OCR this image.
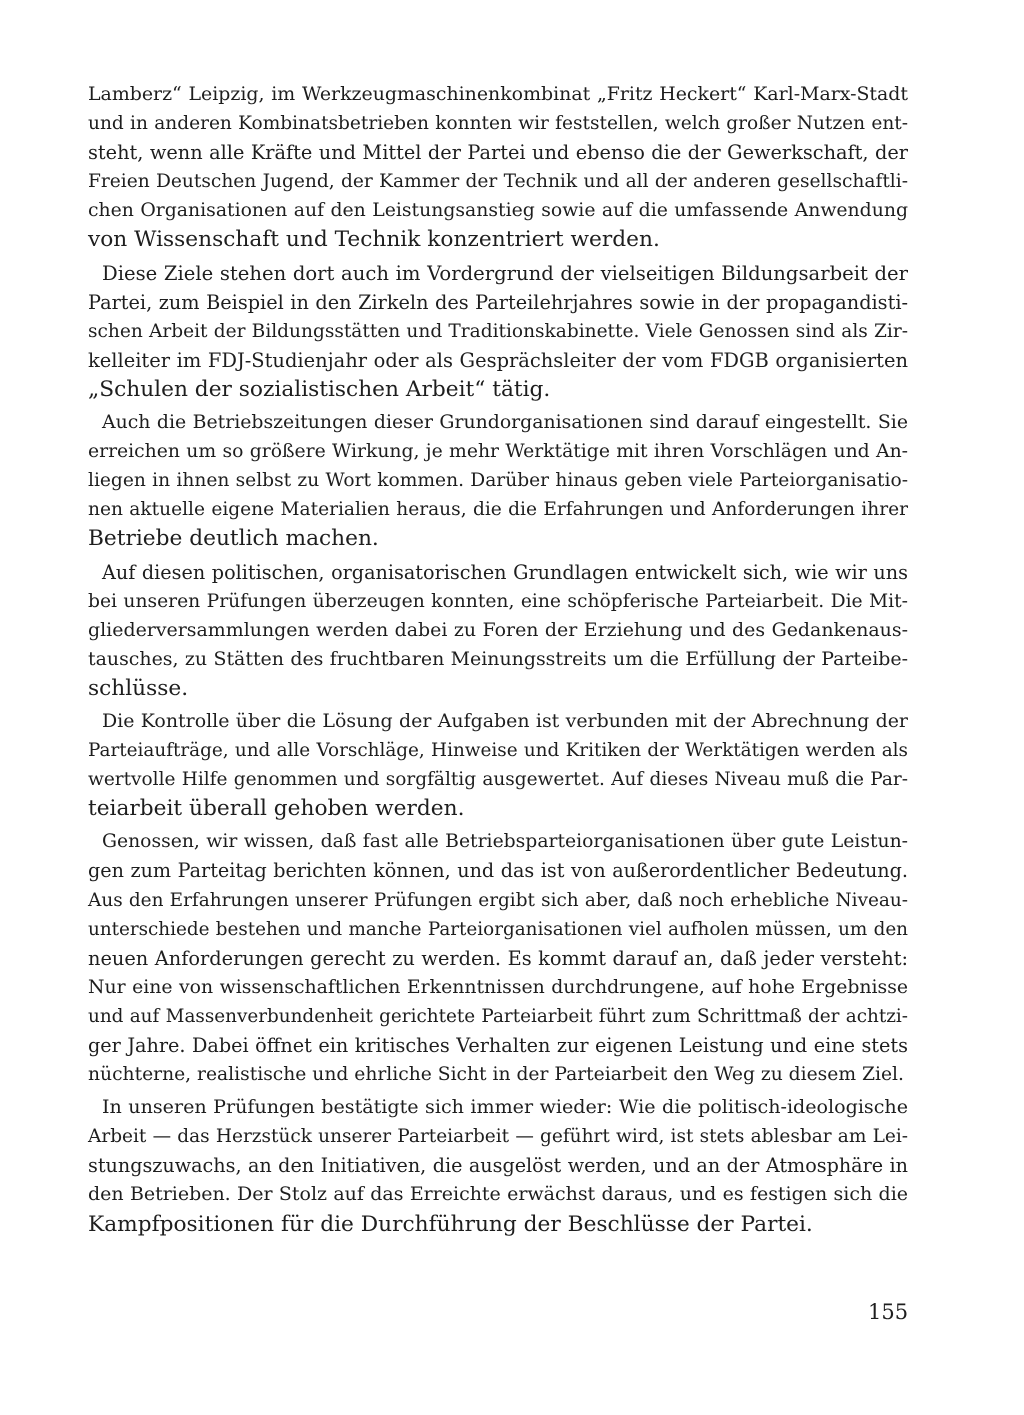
Lamberz“ Leipzig, im Werkzeugmaschinenkombinat „Fritz Heckert“ Karl-Marx-Stadt
und in anderen Kombinatsbetrieben konnten wir feststellen, welch großer Nutzen ent-
steht, wenn alle Kräfte und Mittel der Partei und ebenso die der Gewerkschaft, der
Freien Deutschen Jugend, der Kammer der Technik und all der anderen gesellschaftli-
chen Organisationen auf den Leistungsanstieg sowie auf die umfassende Anwendung
von Wissenschaft und Technik konzentriert werden.
Diese Ziele stehen dort auch im Vordergrund der vielseitigen Bildungsarbeit der
Partei, zum Beispiel in den Zirkeln des Parteilehrjahres sowie in der propagandisti-
schen Arbeit der Bildungsstätten und Traditionskabinette. Viele Genossen sind als Zir-
kelleiter im FDJ-Studienjahr oder als Gesprächsleiter der vom FDGB organisierten
„Schulen der sozialistischen Arbeit“ tätig.
Auch die Betriebszeitungen dieser Grundorganisationen sind darauf eingestellt. Sie
erreichen um so größere Wirkung, je mehr Werktätige mit ihren Vorschlägen und An-
liegen in ihnen selbst zu Wort kommen. Darüber hinaus geben viele Parteiorganisatio-
nen aktuelle eigene Materialien heraus, die die Erfahrungen und Anforderungen ihrer
Betriebe deutlich machen.
Auf diesen politischen, organisatorischen Grundlagen entwickelt sich, wie wir uns
bei unseren Prüfungen überzeugen konnten, eine schöpferische Parteiarbeit. Die Mit-
gliederversammlungen werden dabei zu Foren der Erziehung und des Gedankenaus-
tausches, zu Stätten des fruchtbaren Meinungsstreits um die Erfüllung der Parteibe-
schlüsse.
Die Kontrolle über die Lösung der Aufgaben ist verbunden mit der Abrechnung der
Parteiaufträge, und alle Vorschläge, Hinweise und Kritiken der Werktätigen werden als
wertvolle Hilfe genommen und sorgfältig ausgewertet. Auf dieses Niveau muß die Par-
teiarbeit überall gehoben werden.
Genossen, wir wissen, daß fast alle Betriebsparteiorganisationen über gute Leistun-
gen zum Parteitag berichten können, und das ist von außerordentlicher Bedeutung.
Aus den Erfahrungen unserer Prüfungen ergibt sich aber, daß noch erhebliche Niveau-
unterschiede bestehen und manche Parteiorganisationen viel aufholen müssen, um den
neuen Anforderungen gerecht zu werden. Es kommt darauf an, daß jeder versteht:
Nur eine von wissenschaftlichen Erkenntnissen durchdrungene, auf hohe Ergebnisse
und auf Massenverbundenheit gerichtete Parteiarbeit führt zum Schrittmaß der achtzi-
ger Jahre. Dabei öffnet ein kritisches Verhalten zur eigenen Leistung und eine stets
nüchterne, realistische und ehrliche Sicht in der Parteiarbeit den Weg zu diesem Ziel.
In unseren Prüfungen bestätigte sich immer wieder: Wie die politisch-ideologische
Arbeit — das Herzstück unserer Parteiarbeit — geführt wird, ist stets ablesbar am Lei-
stungszuwachs, an den Initiativen, die ausgelöst werden, und an der Atmosphäre in
den Betrieben. Der Stolz auf das Erreichte erwächst daraus, und es festigen sich die
Kampfpositionen für die Durchführung der Beschlüsse der Partei.
155
